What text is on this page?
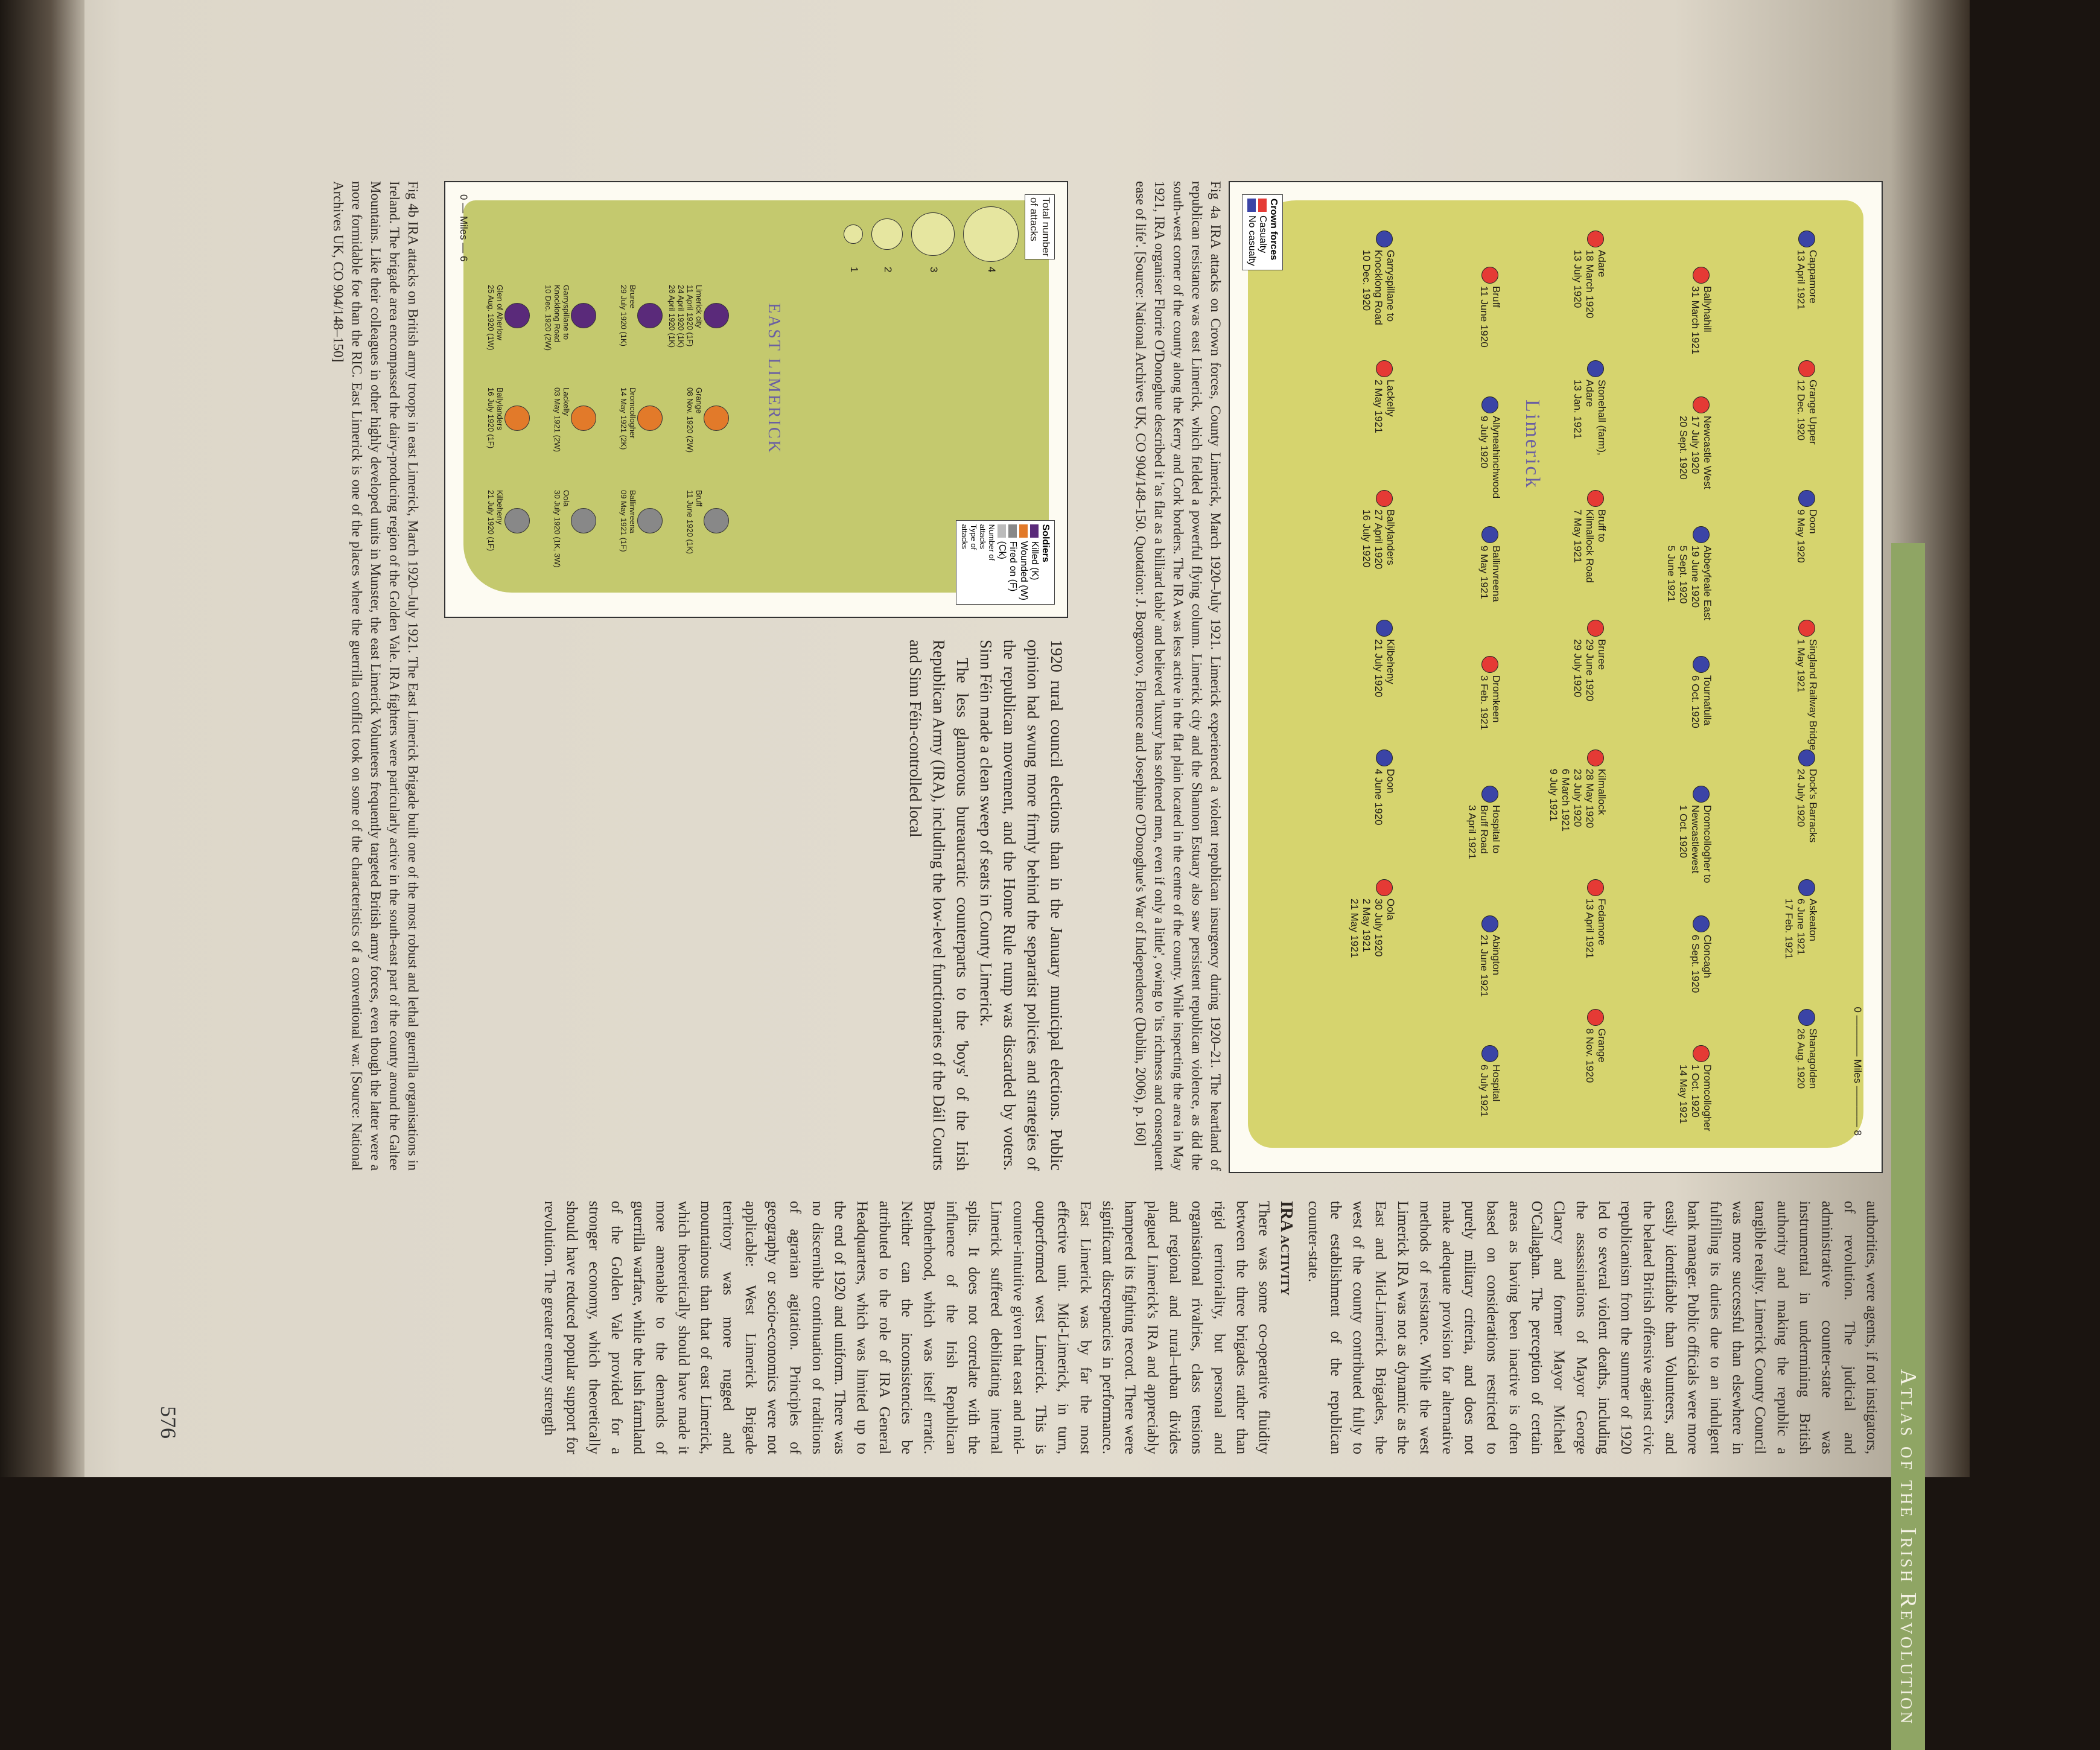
Atlas of the Irish Revolution
Crown forces
Casualty
No casualty
Limerick
0 ———— Miles ———— 8
Cappamore
13 April 1921
Grange Upper
12 Dec. 1920
Doon
9 May 1920
Singland Railway Bridge
1 May 1921
Dock's Barracks
24 July 1920
Askeaton
6 June 1921
17 Feb. 1921
Shanagolden
26 Aug. 1920
Ballyhahill
31 March 1921
Newcastle West
17 July 1920
20 Sept. 1920
Abbeyfeale East
19 June 1920
5 Sept. 1920
5 June 1921
Tournafulla
6 Oct. 1920
Dromcollogher to
Newcastlewest
1 Oct. 1920
Cloncagh
6 Sept. 1920
Dromcollogher
1 Oct. 1920
14 May 1921
Adare
18 March 1920
13 July 1920
Stonehall (farm),
Adare
13 Jan. 1921
Bruff to
Kilmallock Road
7 May 1921
Bruree
29 June 1920
29 July 1920
Kilmallock
28 May 1920
23 July 1920
6 March 1921
9 July 1921
Fedamore
13 April 1921
Grange
8 Nov. 1920
Bruff
11 June 1920
Allyneahinchwood
9 July 1920
Ballinvreena
9 May 1921
Dromkeen
3 Feb. 1921
Hospital to
Bruff Road
3 April 1921
Abington
21 June 1921
Hospital
6 July 1921
Garryspillane to
Knocklong Road
10 Dec. 1920
Lackelly
2 May 1921
Ballylanders
27 April 1920
16 July 1920
Kilbeheny
21 July 1920
Doon
4 June 1920
Oola
30 July 1920
2 May 1921
21 May 1921
Fig 4a IRA attacks on Crown forces, County Limerick, March 1920–July 1921. Limerick experienced a violent republican insurgency during 1920–21. The heartland of republican resistance was east Limerick, which fielded a powerful flying column. Limerick city and the Shannon Estuary also saw persistent republican violence, as did the south-west corner of the county along the Kerry and Cork borders. The IRA was less active in the flat plain located in the centre of the county. While inspecting the area in May 1921, IRA organiser Florrie O'Donoghue described it 'as flat as a billiard table' and believed 'luxury has softened men, even if only a little', owing to 'its richness and consequent ease of life'. [Source: National Archives UK, CO 904/148–150. Quotation: J. Borgonovo, Florence and Josephine O'Donoghue's War of Independence (Dublin, 2006), p. 160]
EAST LIMERICK
Total number
of attacks
4
3
2
1
Soldiers
Killed (K)
Wounded (W)
Fired on (F)
(Ck)
Number of
attacks
Type of
attacks
0 — Miles — 6
Limerick city
11 April 1920 (1F)
24 April 1920 (1K)
26 April 1920 (1K)
Grange
08 Nov. 1920 (2W)
Bruff
11 June 1920 (1K)
Bruree
29 July 1920 (1K)
Dromcollogher
14 May 1921 (2K)
Ballinvreena
09 May 1921 (1F)
Garryspillane to
Knocklong Road
10 Dec. 1920 (2W)
Lackelly
03 May 1921 (2W)
Oola
30 July 1920 (1K, 3W)
Glen of Aherlow
25 Aug. 1920 (1W)
Ballylanders
16 July 1920 (1F)
Kilbeheny
21 July 1920 (1F)

1920 rural council elections than in the January municipal elections. Public opinion had swung more firmly behind the separatist policies and strategies of the republican movement, and the Home Rule rump was discarded by voters. Sinn Féin made a clean sweep of seats in County Limerick.

The less glamorous bureaucratic counterparts to the 'boys' of the Irish Republican Army (IRA), including the low-level functionaries of the Dáil Courts and Sinn Féin-controlled local

authorities, were agents, if not instigators, of revolution. The judicial and administrative counter-state was instrumental in undermining British authority and making the republic a tangible reality. Limerick County Council was more successful than elsewhere in fulfilling its duties due to an indulgent bank manager. Public officials were more easily identifiable than Volunteers, and the belated British offensive against civic republicanism from the summer of 1920 led to several violent deaths, including the assassinations of Mayor George Clancy and former Mayor Michael O'Callaghan. The perception of certain areas as having been inactive is often based on considerations restricted to purely military criteria, and does not make adequate provision for alternative methods of resistance. While the west Limerick IRA was not as dynamic as the East and Mid-Limerick Brigades, the west of the county contributed fully to the establishment of the republican counter-state.

IRA activity

There was some co-operative fluidity between the three brigades rather than rigid territoriality, but personal and organisational rivalries, class tensions and regional and rural–urban divides plagued Limerick's IRA and appreciably hampered its fighting record. There were significant discrepancies in performance. East Limerick was by far the most effective unit. Mid-Limerick, in turn, outperformed west Limerick. This is counter-intuitive given that east and mid-Limerick suffered debilitating internal splits. It does not correlate with the influence of the Irish Republican Brotherhood, which was itself erratic. Neither can the inconsistencies be attributed to the role of IRA General Headquarters, which was limited up to the end of 1920 and uniform. There was no discernible continuation of traditions of agrarian agitation. Principles of geography or socio-economics were not applicable: West Limerick Brigade territory was more rugged and mountainous than that of east Limerick, which theoretically should have made it more amenable to the demands of guerrilla warfare, while the lush farmland of the Golden Vale provided for a stronger economy, which theoretically should have reduced popular support for revolution. The greater enemy strength

Fig 4b IRA attacks on British army troops in east Limerick, March 1920–July 1921. The East Limerick Brigade built one of the most robust and lethal guerrilla organisations in Ireland. The brigade area encompassed the dairy-producing region of the Golden Vale. IRA fighters were particularly active in the south-east part of the county around the Galtee Mountains. Like their colleagues in other highly developed units in Munster, the east Limerick Volunteers frequently targeted British army forces, even though the latter were a more formidable foe than the RIC. East Limerick is one of the places where the guerrilla conflict took on some of the characteristics of a conventional war. [Source: National Archives UK, CO 904/148–150]
576
